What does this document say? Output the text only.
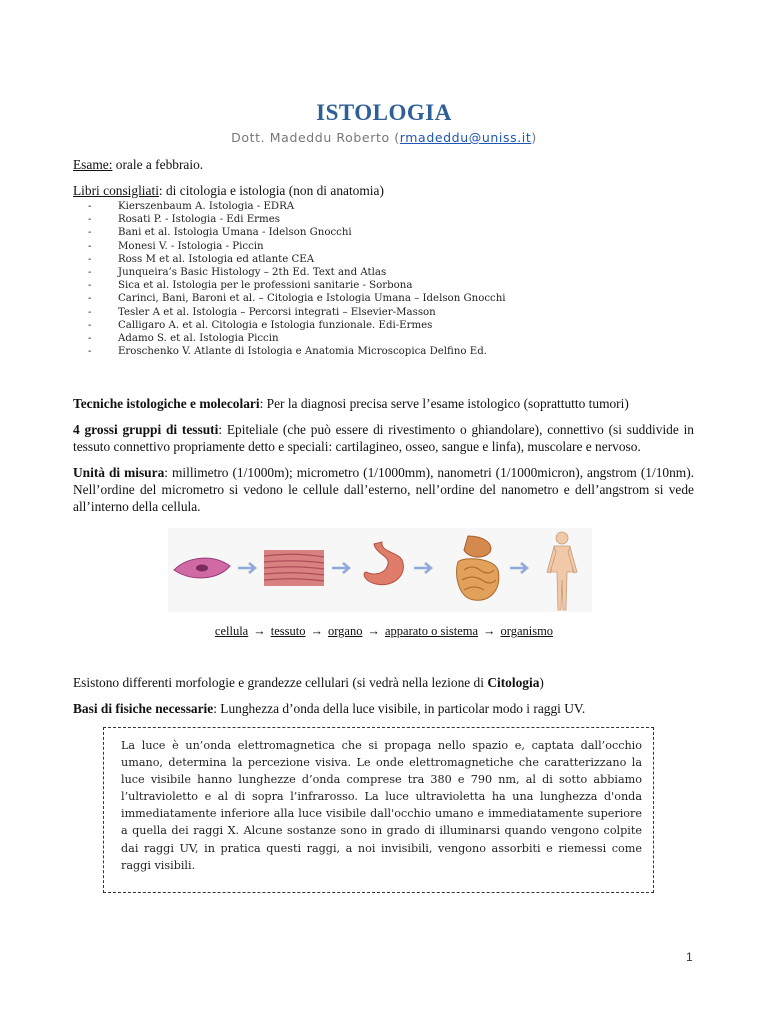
ISTOLOGIA
Dott. Madeddu Roberto (rmadeddu@uniss.it)
Esame: orale a febbraio.
Libri consigliati: di citologia e istologia (non di anatomia)
-	Kierszenbaum A. Istologia - EDRA
-	Rosati P. - Istologia - Edi Ermes
-	Bani et al. Istologia Umana - Idelson Gnocchi
-	Monesi V. - Istologia - Piccin
-	Ross M et al. Istologia ed atlante CEA
-	Junqueira’s Basic Histology – 2th Ed. Text and Atlas
-	Sica et al. Istologia per le professioni sanitarie - Sorbona
-	Carinci, Bani, Baroni et al. – Citologia e Istologia Umana – Idelson Gnocchi
-	Tesler A et al. Istologia – Percorsi integrati – Elsevier-Masson
-	Calligaro A. et al. Citologia e Istologia funzionale. Edi-Ermes
-	Adamo S. et al. Istologia Piccin
-	Eroschenko V. Atlante di Istologia e Anatomia Microscopica Delfino Ed.
Tecniche istologiche e molecolari: Per la diagnosi precisa serve l’esame istologico (soprattutto tumori)
4 grossi gruppi di tessuti: Epiteliale (che può essere di rivestimento o ghiandolare), connettivo (si suddivide in tessuto connettivo propriamente detto e speciali: cartilagineo, osseo, sangue e linfa), muscolare e nervoso.
Unità di misura: millimetro (1/1000m); micrometro (1/1000mm), nanometri (1/1000micron), angstrom (1/10nm). Nell’ordine del micrometro si vedono le cellule dall’esterno, nell’ordine del nanometro e dell’angstrom si vede all’interno della cellula.
cellula → tessuto → organo → apparato o sistema → organismo
Esistono differenti morfologie e grandezze cellulari (si vedrà nella lezione di Citologia)
Basi di fisiche necessarie: Lunghezza d’onda della luce visibile, in particolar modo i raggi UV.
La luce è un’onda elettromagnetica che si propaga nello spazio e, captata dall’occhio umano, determina la percezione visiva. Le onde elettromagnetiche che caratterizzano la luce visibile hanno lunghezze d’onda comprese tra 380 e 790 nm, al di sotto abbiamo l’ultravioletto e al di sopra l’infrarosso. La luce ultravioletta ha una lunghezza d'onda immediatamente inferiore alla luce visibile dall'occhio umano e immediatamente superiore a quella dei raggi X. Alcune sostanze sono in grado di illuminarsi quando vengono colpite dai raggi UV, in pratica questi raggi, a noi invisibili, vengono assorbiti e riemessi come raggi visibili.
1
